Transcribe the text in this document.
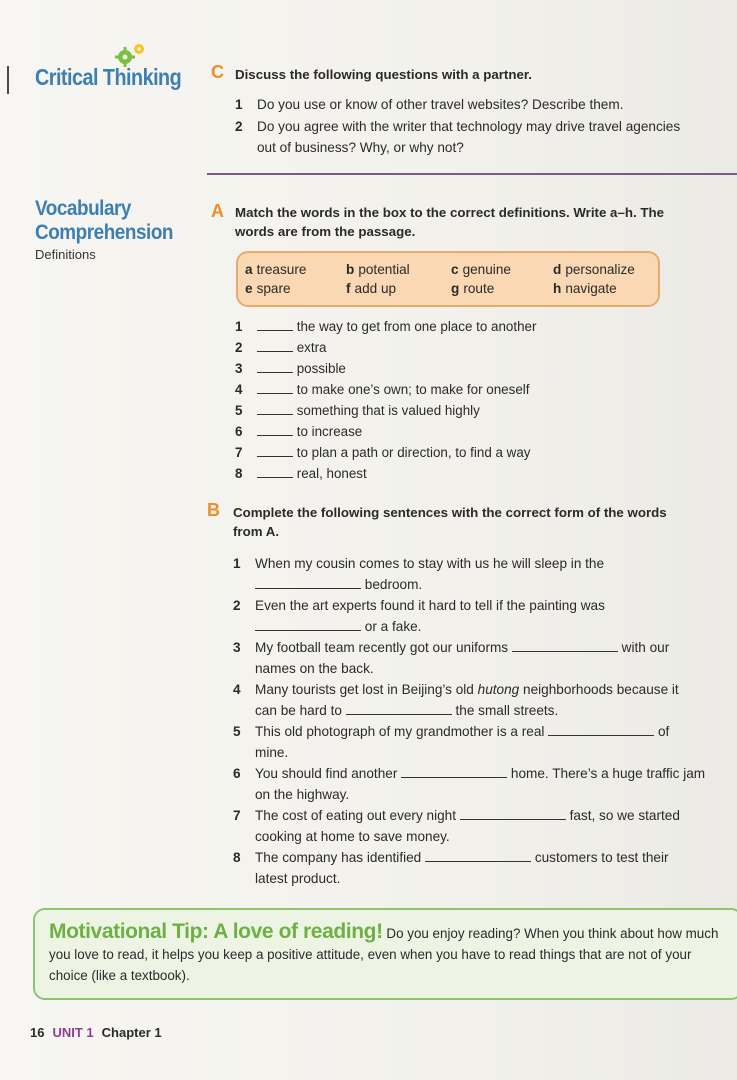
Critical Thinking C Discuss the following questions with a partner.
1 Do you use or know of other travel websites? Describe them.
2 Do you agree with the writer that technology may drive travel agencies
out of business? Why, or why not?
Vocabulary
Comprehension
Definitions
A Match the words in the box to the correct definitions. Write a–h. The
words are from the passage.
a treasure	b potential	c genuine	d personalize
e spare	f add up	g route	h navigate
1	the way to get from one place to another
2	extra
3	possible
4	to make one’s own; to make for oneself
5	something that is valued highly
6	to increase
7	to plan a path or direction, to find a way
8	real, honest
B Complete the following sentences with the correct form of the words
from A.
1 When my cousin comes to stay with us he will sleep in the
bedroom.
2 Even the art experts found it hard to tell if the painting was
or a fake.
3 My football team recently got our uniforms	with our
names on the back.
4 Many tourists get lost in Beijing’s old hutong neighborhoods because it
can be hard to	the small streets.
5 This old photograph of my grandmother is a real	of
mine.
6 You should find another	home. There’s a huge traffic jam
on the highway.
7 The cost of eating out every night	fast, so we started
cooking at home to save money.
8 The company has identified	customers to test their
latest product.
Motivational Tip: A love of reading! Do you enjoy reading? When you think about how much you love to read, it helps you keep a positive attitude, even when you have to read things that are not of your choice (like a textbook).
16 UNIT 1 Chapter 1
